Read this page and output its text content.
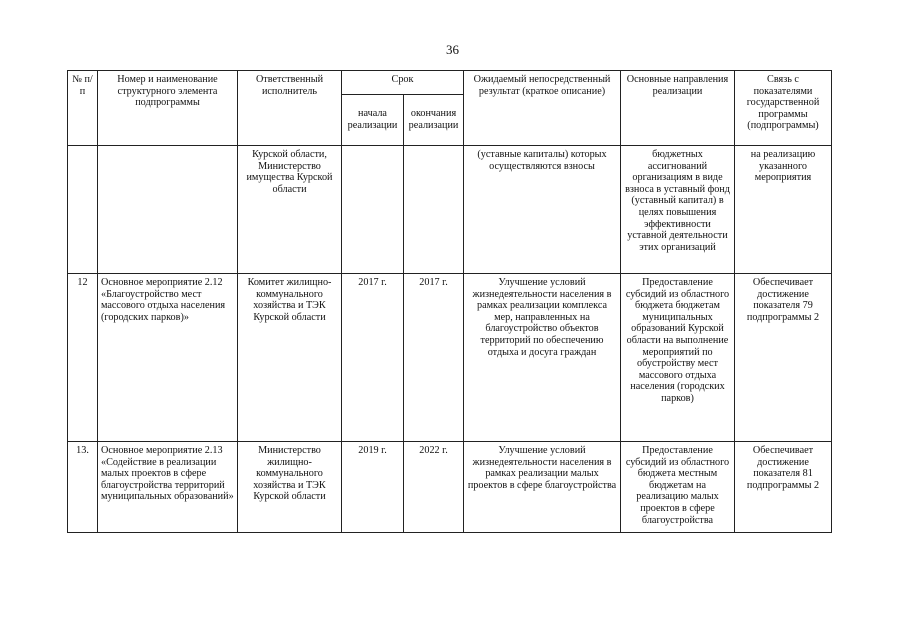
36
№ п/п	Номер и наименование структурного элемента подпрограммы	Ответственный исполнитель	Срок		Ожидаемый непосредственный результат (краткое описание)	Основные направления реализации	Связь с показателями государственной программы (подпрограммы)
			начала реализации	окончания реализации			
		Курской области, Министерство имущества Курской области			(уставные капиталы) которых осуществляются взносы	бюджетных ассигнований организациям в виде взноса в уставный фонд (уставный капитал) в целях повышения эффективности уставной деятельности этих организаций	на реализацию указанного мероприятия
12	Основное мероприятие 2.12 «Благоустройство мест массового отдыха населения (городских парков)»	Комитет жилищно-коммунального хозяйства и ТЭК Курской области	2017 г.	2017 г.	Улучшение условий жизнедеятельности населения в рамках реализации комплекса мер, направленных на благоустройство объектов территорий по обеспечению отдыха и досуга граждан	Предоставление субсидий из областного бюджета бюджетам муниципальных образований Курской области на выполнение мероприятий по обустройству мест массового отдыха населения (городских парков)	Обеспечивает достижение показателя 79 подпрограммы 2
13.	Основное мероприятие 2.13 «Содействие в реализации малых проектов в сфере благоустройства территорий муниципальных образований»	Министерство жилищно-коммунального хозяйства и ТЭК Курской области	2019 г.	2022 г.	Улучшение условий жизнедеятельности населения в рамках реализации малых проектов в сфере благоустройства	Предоставление субсидий из областного бюджета местным бюджетам на реализацию малых проектов в сфере благоустройства	Обеспечивает достижение показателя 81 подпрограммы 2
